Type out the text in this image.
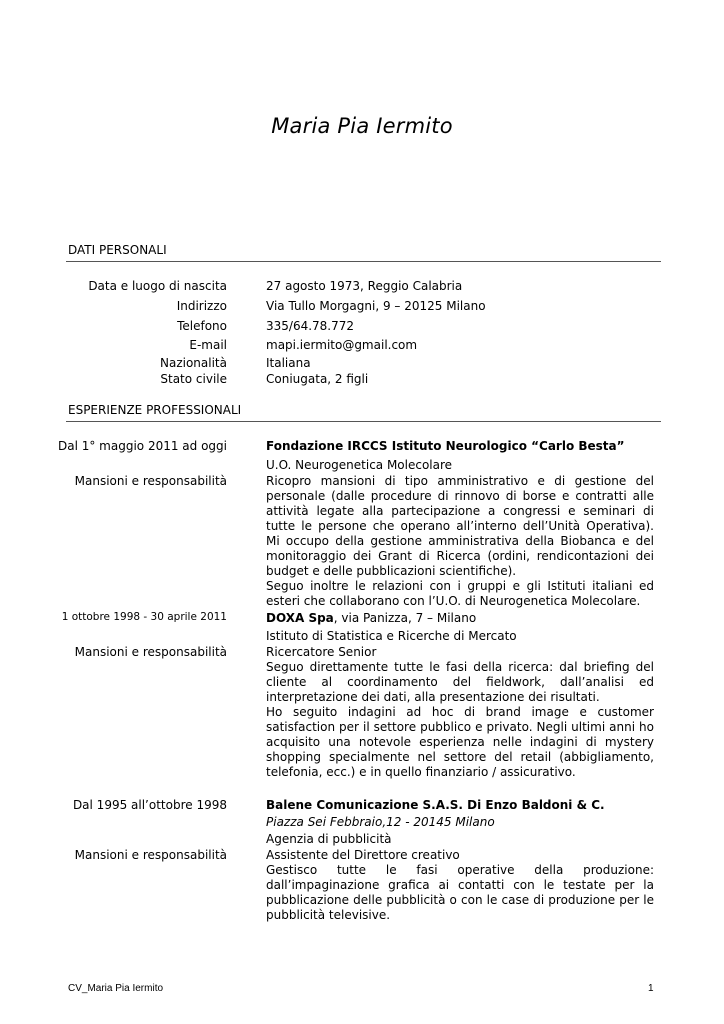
Maria Pia Iermito
DATI PERSONALI
Data e luogo di nascita	27 agosto 1973, Reggio Calabria
Indirizzo	Via Tullo Morgagni, 9 – 20125 Milano
Telefono	335/64.78.772
E-mail	mapi.iermito@gmail.com
Nazionalità	Italiana
Stato civile	Coniugata, 2 figli
ESPERIENZE PROFESSIONALI
Dal 1° maggio 2011 ad oggi	Fondazione IRCCS Istituto Neurologico “Carlo Besta”
U.O. Neurogenetica Molecolare
Mansioni e responsabilità	Ricopro mansioni di tipo amministrativo e di gestione del personale (dalle procedure di rinnovo di borse e contratti alle attività legate alla partecipazione a congressi e seminari di tutte le persone che operano all’interno dell’Unità Operativa). Mi occupo della gestione amministrativa della Biobanca e del monitoraggio dei Grant di Ricerca (ordini, rendicontazioni dei budget e delle pubblicazioni scientifiche).

Seguo inoltre le relazioni con i gruppi e gli Istituti italiani ed esteri che collaborano con l’U.O. di Neurogenetica Molecolare.

1 ottobre 1998 - 30 aprile 2011	DOXA Spa, via Panizza, 7 – Milano
Istituto di Statistica e Ricerche di Mercato
Mansioni e responsabilità	Ricercatore Senior

Seguo direttamente tutte le fasi della ricerca: dal briefing del cliente al coordinamento del fieldwork, dall’analisi ed interpretazione dei dati, alla presentazione dei risultati.

Ho seguito indagini ad hoc di brand image e customer satisfaction per il settore pubblico e privato. Negli ultimi anni ho acquisito una notevole esperienza nelle indagini di mystery shopping specialmente nel settore del retail (abbigliamento, telefonia, ecc.) e in quello finanziario / assicurativo.

Dal 1995 all’ottobre 1998	Balene Comunicazione S.A.S. Di Enzo Baldoni & C.
Piazza Sei Febbraio,12 - 20145 Milano
Agenzia di pubblicità
Mansioni e responsabilità	Assistente del Direttore creativo

Gestisco tutte le fasi operative della produzione: dall’impaginazione grafica ai contatti con le testate per la pubblicazione delle pubblicità o con le case di produzione per le pubblicità televisive.

CV_Maria Pia Iermito	1
